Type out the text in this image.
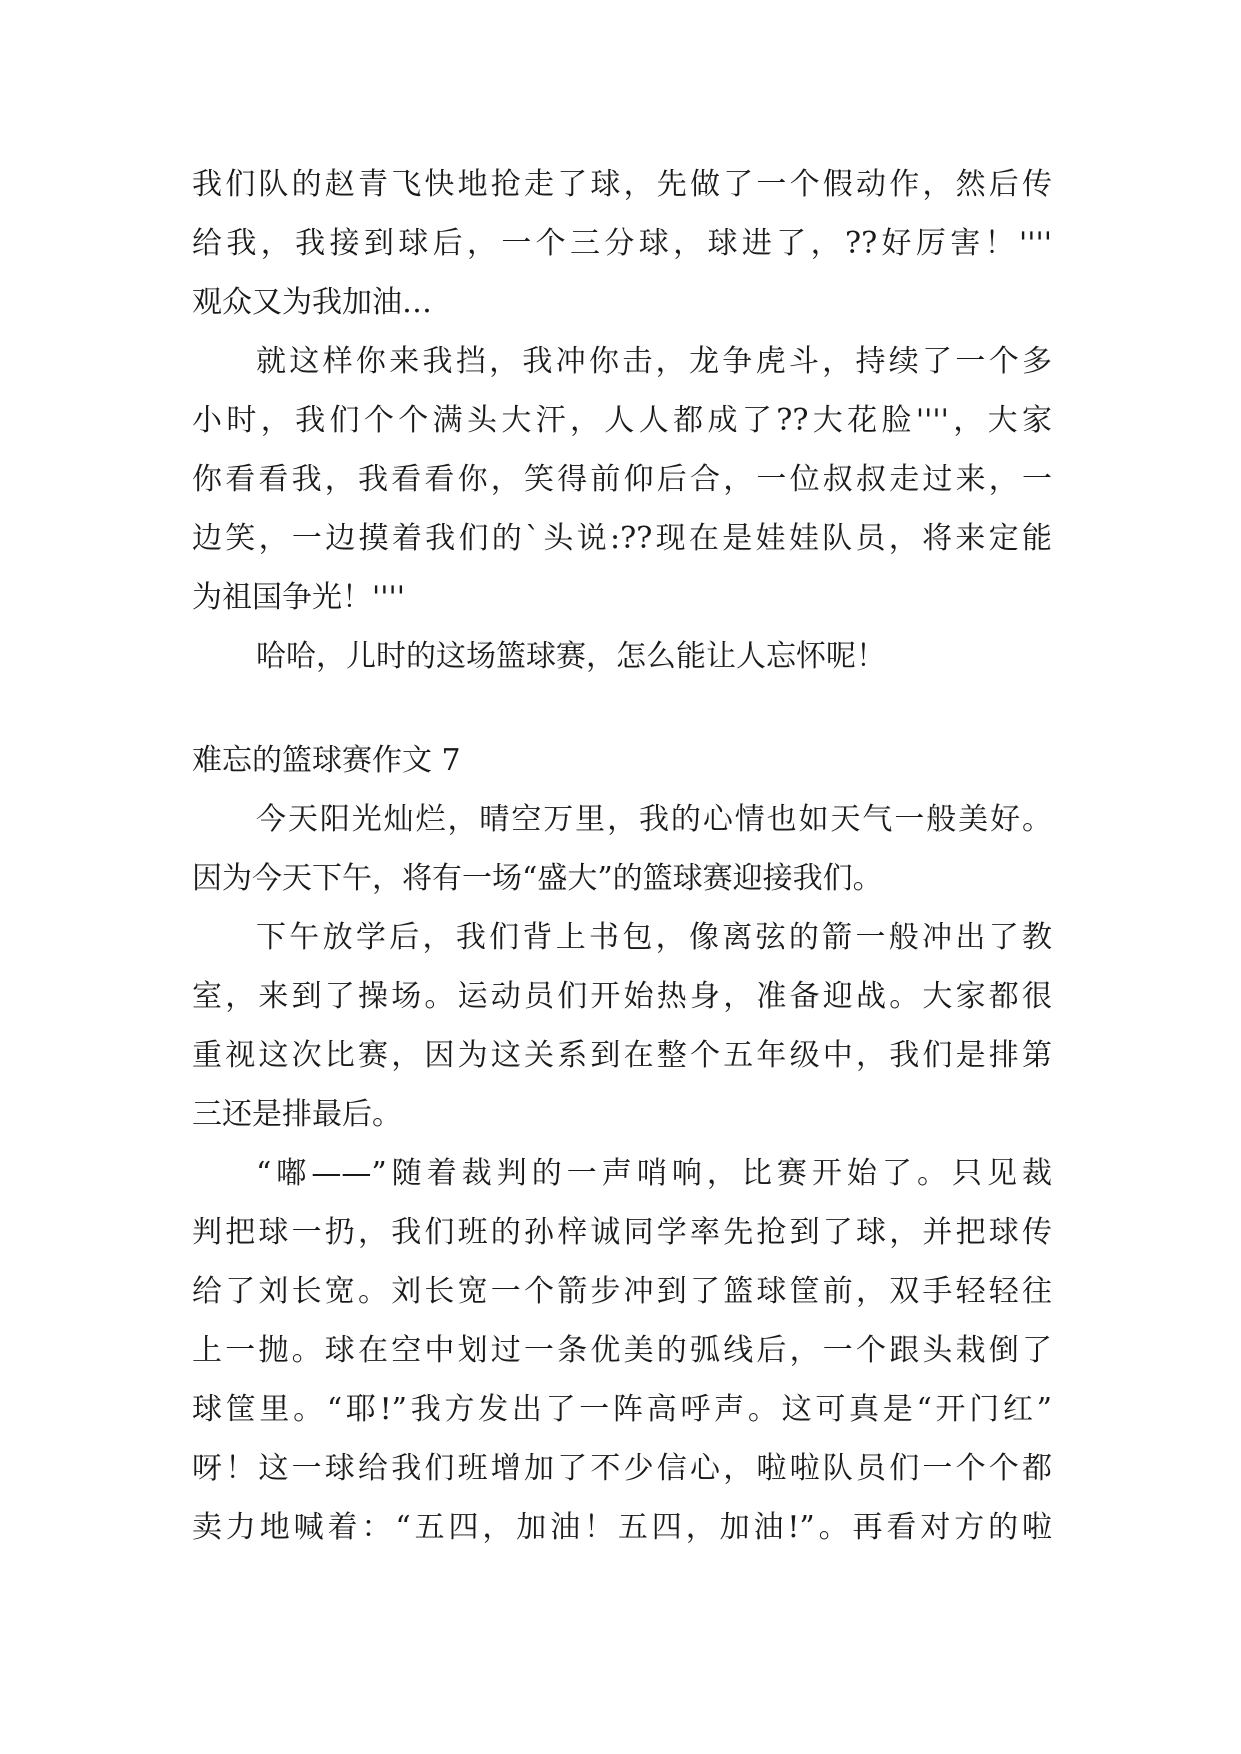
我们队的赵青飞快地抢走了球，先做了一个假动作，然后传
给我，我接到球后，一个三分球，球进了，??好厉害！''''
观众又为我加油…
就这样你来我挡，我冲你击，龙争虎斗，持续了一个多
小时，我们个个满头大汗，人人都成了??大花脸''''，大家
你看看我，我看看你，笑得前仰后合，一位叔叔走过来，一
边笑，一边摸着我们的`头说:??现在是娃娃队员，将来定能
为祖国争光！''''
哈哈，儿时的这场篮球赛，怎么能让人忘怀呢！
难忘的篮球赛作文 7
今天阳光灿烂，晴空万里，我的心情也如天气一般美好。
因为今天下午，将有一场“盛大”的篮球赛迎接我们。
下午放学后，我们背上书包，像离弦的箭一般冲出了教
室，来到了操场。运动员们开始热身，准备迎战。大家都很
重视这次比赛，因为这关系到在整个五年级中，我们是排第
三还是排最后。
“嘟——”随着裁判的一声哨响，比赛开始了。只见裁
判把球一扔，我们班的孙梓诚同学率先抢到了球，并把球传
给了刘长宽。刘长宽一个箭步冲到了篮球筐前，双手轻轻往
上一抛。球在空中划过一条优美的弧线后，一个跟头栽倒了
球筐里。“耶!”我方发出了一阵高呼声。这可真是“开门红”
呀！这一球给我们班增加了不少信心，啦啦队员们一个个都
卖力地喊着：“五四，加油！五四，加油!”。再看对方的啦
